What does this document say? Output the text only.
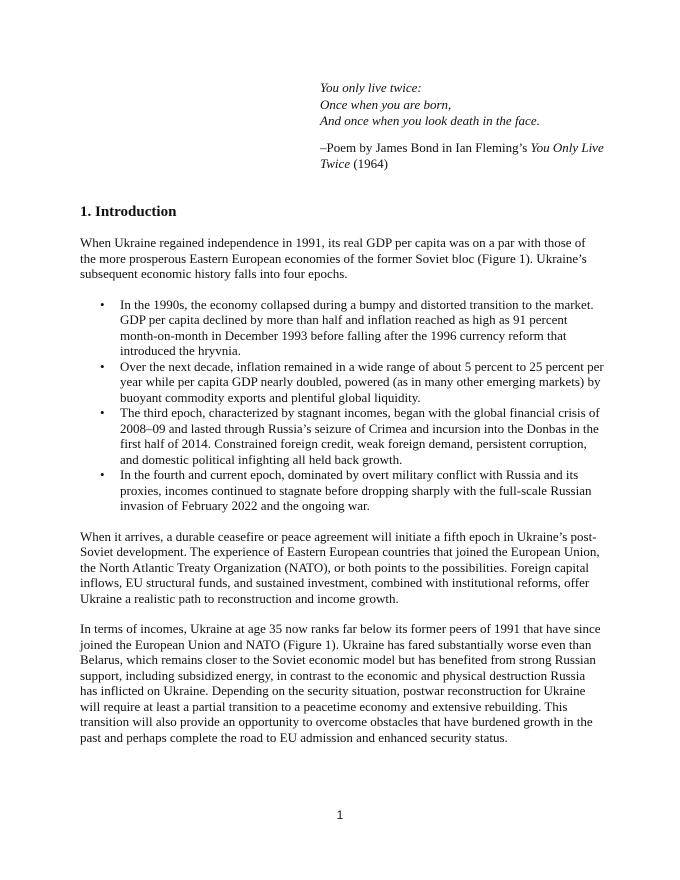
You only live twice:
Once when you are born,
And once when you look death in the face.
–Poem by James Bond in Ian Fleming’s You Only Live Twice (1964)
1. Introduction

When Ukraine regained independence in 1991, its real GDP per capita was on a par with those of the more prosperous Eastern European economies of the former Soviet bloc (Figure 1). Ukraine’s subsequent economic history falls into four epochs.

• In the 1990s, the economy collapsed during a bumpy and distorted transition to the market. GDP per capita declined by more than half and inflation reached as high as 91 percent month-on-month in December 1993 before falling after the 1996 currency reform that introduced the hryvnia.
• Over the next decade, inflation remained in a wide range of about 5 percent to 25 percent per year while per capita GDP nearly doubled, powered (as in many other emerging markets) by buoyant commodity exports and plentiful global liquidity.
• The third epoch, characterized by stagnant incomes, began with the global financial crisis of 2008–09 and lasted through Russia’s seizure of Crimea and incursion into the Donbas in the first half of 2014. Constrained foreign credit, weak foreign demand, persistent corruption, and domestic political infighting all held back growth.
• In the fourth and current epoch, dominated by overt military conflict with Russia and its proxies, incomes continued to stagnate before dropping sharply with the full-scale Russian invasion of February 2022 and the ongoing war.

When it arrives, a durable ceasefire or peace agreement will initiate a fifth epoch in Ukraine’s post-Soviet development. The experience of Eastern European countries that joined the European Union, the North Atlantic Treaty Organization (NATO), or both points to the possibilities. Foreign capital inflows, EU structural funds, and sustained investment, combined with institutional reforms, offer Ukraine a realistic path to reconstruction and income growth.

In terms of incomes, Ukraine at age 35 now ranks far below its former peers of 1991 that have since joined the European Union and NATO (Figure 1). Ukraine has fared substantially worse even than Belarus, which remains closer to the Soviet economic model but has benefited from strong Russian support, including subsidized energy, in contrast to the economic and physical destruction Russia has inflicted on Ukraine. Depending on the security situation, postwar reconstruction for Ukraine will require at least a partial transition to a peacetime economy and extensive rebuilding. This transition will also provide an opportunity to overcome obstacles that have burdened growth in the past and perhaps complete the road to EU admission and enhanced security status.

1
